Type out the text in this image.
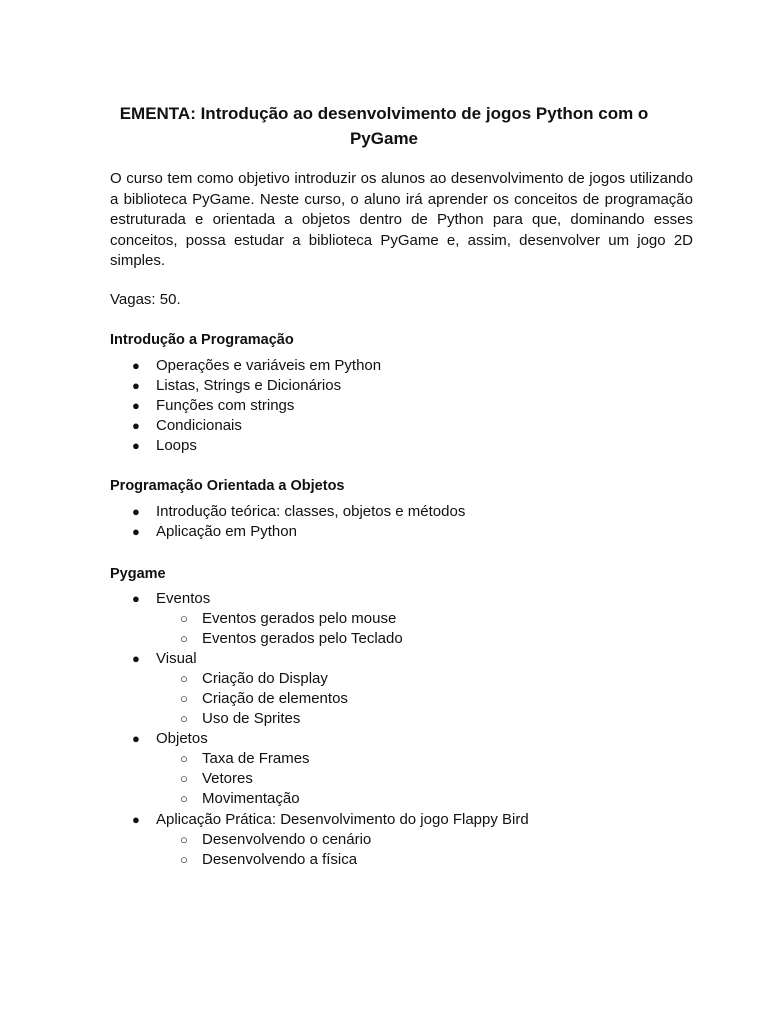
EMENTA: Introdução ao desenvolvimento de jogos Python com o PyGame
O curso tem como objetivo introduzir os alunos ao desenvolvimento de jogos utilizando a biblioteca PyGame. Neste curso, o aluno irá aprender os conceitos de programação estruturada e orientada a objetos dentro de Python para que, dominando esses conceitos, possa estudar a biblioteca PyGame e, assim, desenvolver um jogo 2D simples.
Vagas: 50.
Introdução a Programação
● Operações e variáveis em Python
● Listas, Strings e Dicionários
● Funções com strings
● Condicionais
● Loops
Programação Orientada a Objetos
● Introdução teórica: classes, objetos e métodos
● Aplicação em Python
Pygame
● Eventos
○ Eventos gerados pelo mouse
○ Eventos gerados pelo Teclado
● Visual
○ Criação do Display
○ Criação de elementos
○ Uso de Sprites
● Objetos
○ Taxa de Frames
○ Vetores
○ Movimentação
● Aplicação Prática: Desenvolvimento do jogo Flappy Bird
○ Desenvolvendo o cenário
○ Desenvolvendo a física
